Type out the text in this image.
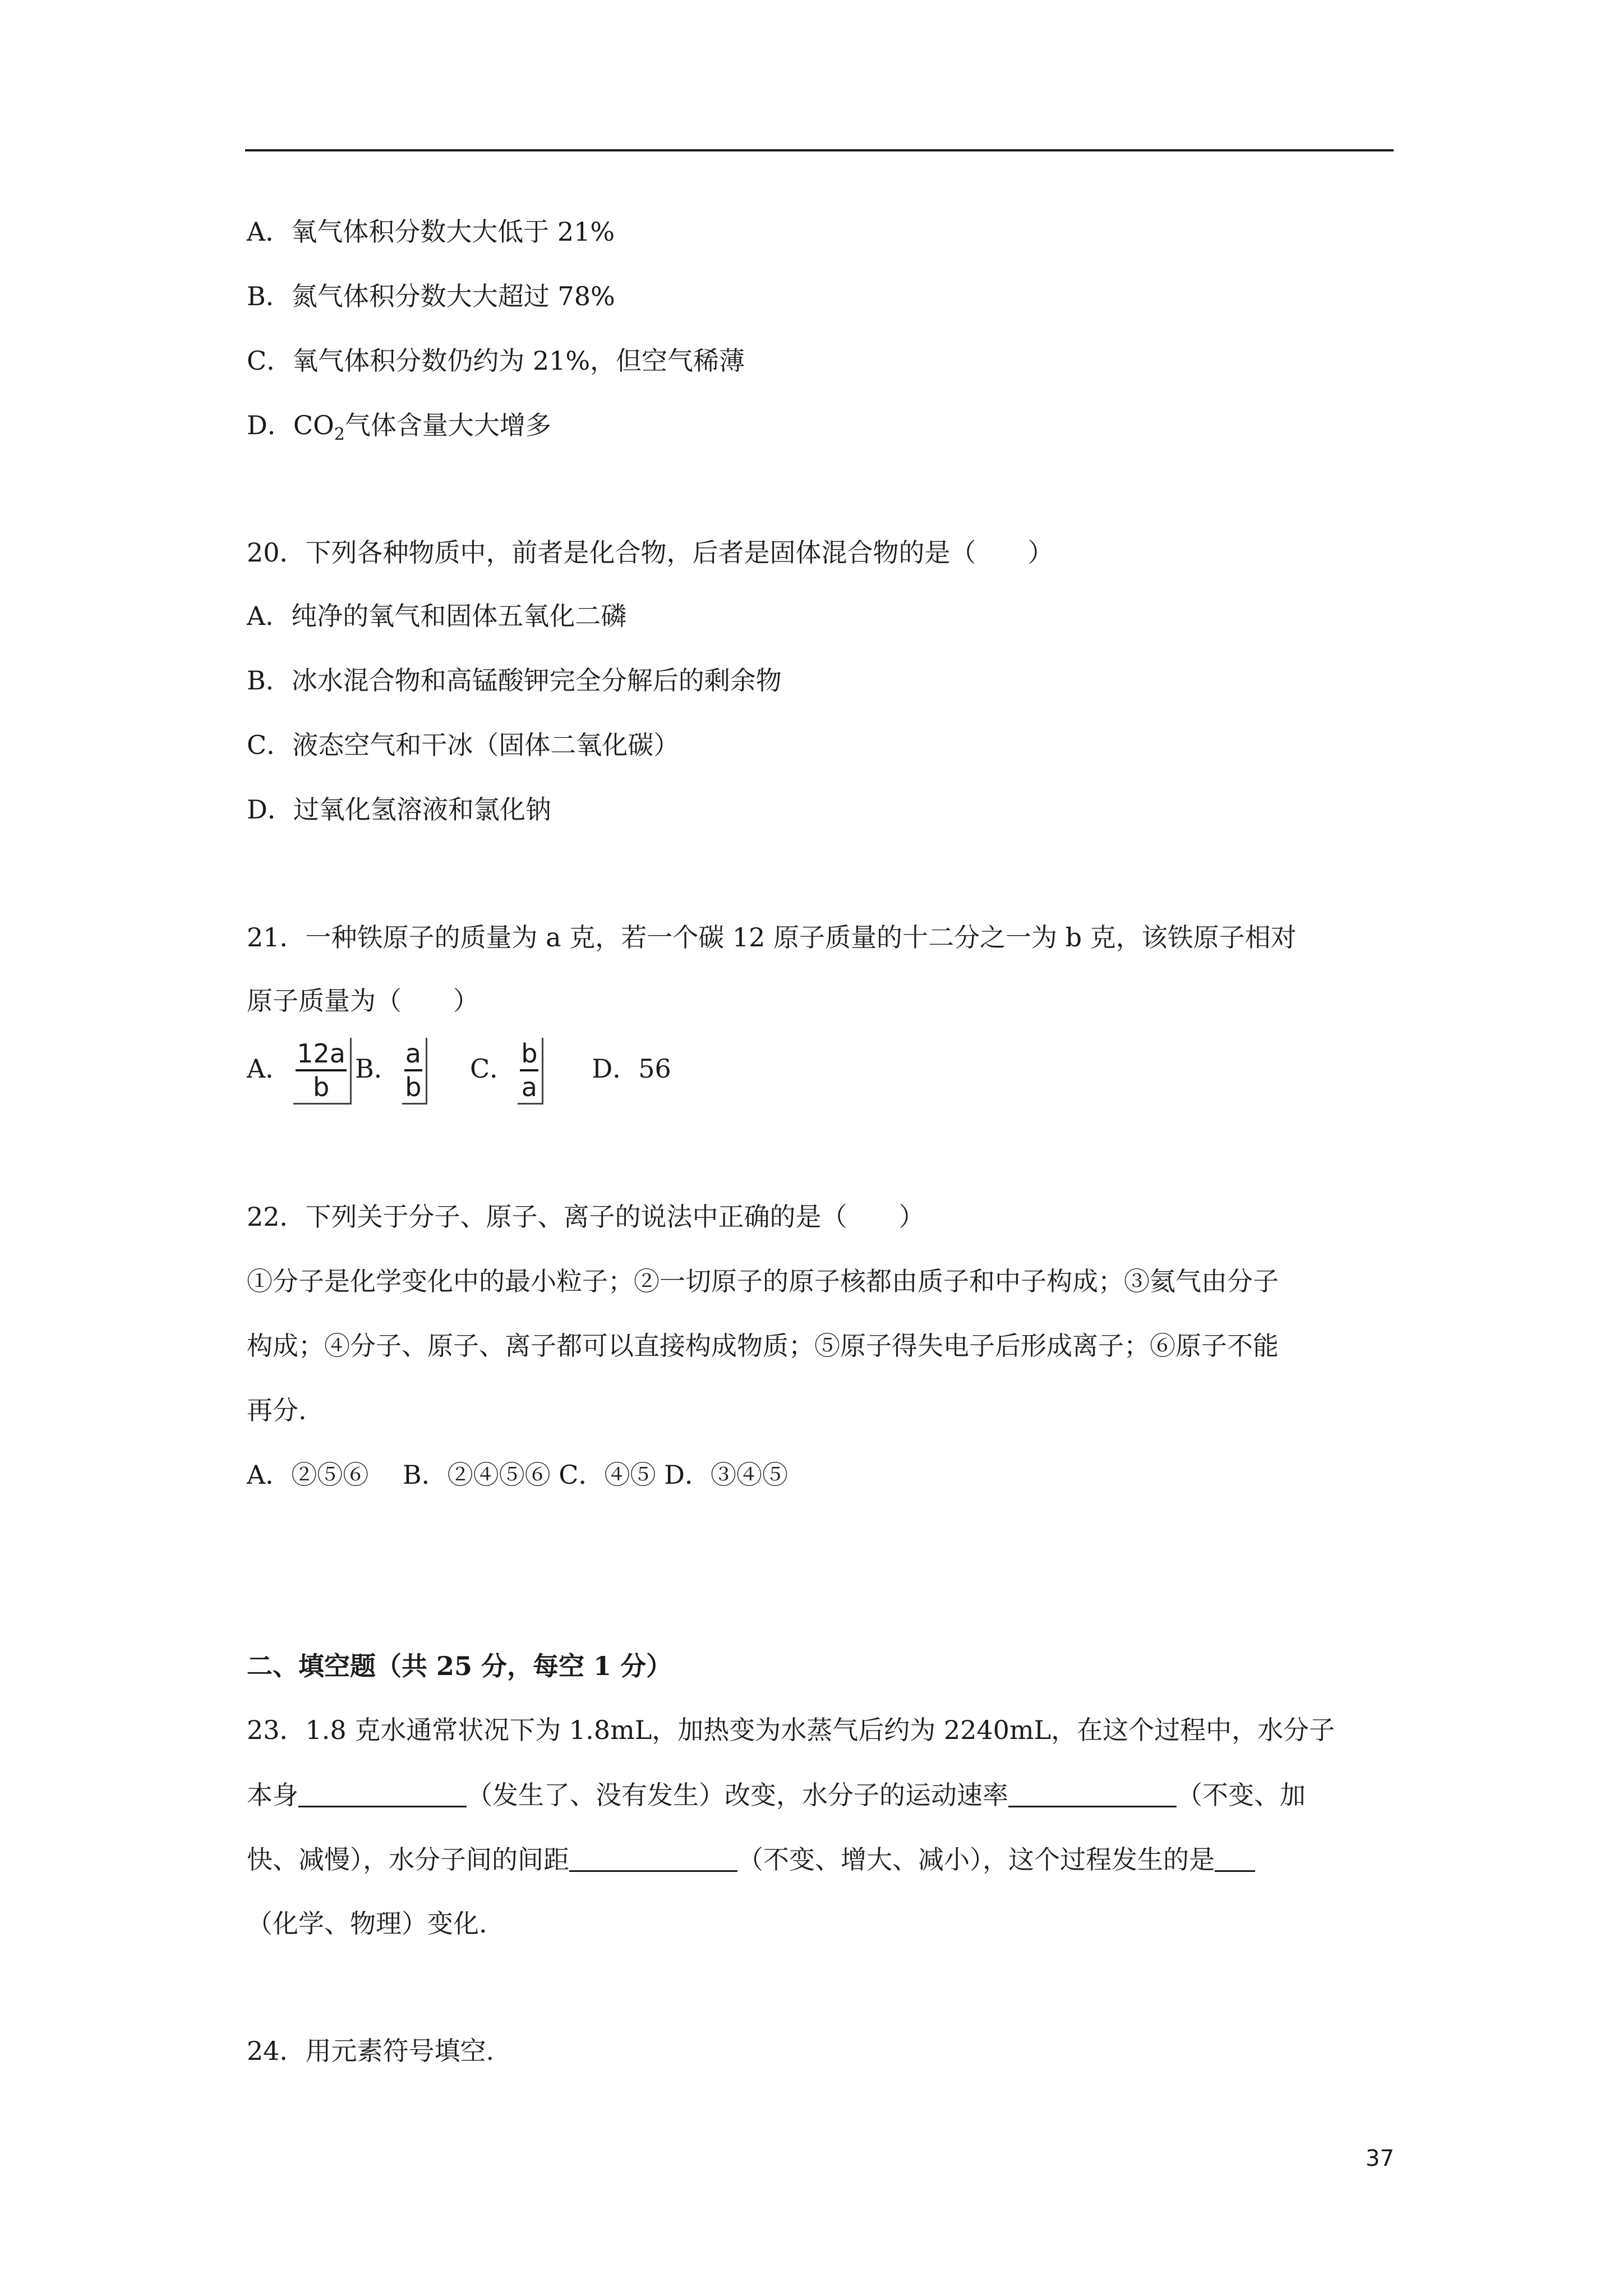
A．氧气体积分数大大低于 21%
B．氮气体积分数大大超过 78%
C．氧气体积分数仍约为 21%，但空气稀薄
D．$CO_2$气体含量大大增多
20．下列各种物质中，前者是化合物，后者是固体混合物的是（　　）
A．纯净的氧气和固体五氧化二磷
B．冰水混合物和高锰酸钾完全分解后的剩余物
C．液态空气和干冰（固体二氧化碳）
D．过氧化氢溶液和氯化钠
21．一种铁原子的质量为 a 克，若一个碳 12 原子质量的十二分之一为 b 克，该铁原子相对
原子质量为（　　）
A． $\frac{12a}{b}$ B． $\frac{a}{b}$ C． $\frac{b}{a}$ D．56
22．下列关于分子、原子、离子的说法中正确的是（　　）
①分子是化学变化中的最小粒子；②一切原子的原子核都由质子和中子构成；③氦气由分子
构成；④分子、原子、离子都可以直接构成物质；⑤原子得失电子后形成离子；⑥原子不能
再分.
A．②⑤⑥　 B．②④⑤⑥ C．④⑤ D．③④⑤
二、填空题（共 25 分，每空 1 分）
23．1.8 克水通常状况下为 1.8mL，加热变为水蒸气后约为 2240mL，在这个过程中，水分子
本身	（发生了、没有发生）改变，水分子的运动速率	（不变、加
快、减慢），水分子间的间距	（不变、增大、减小），这个过程发生的是
（化学、物理）变化.
24．用元素符号填空.
37
